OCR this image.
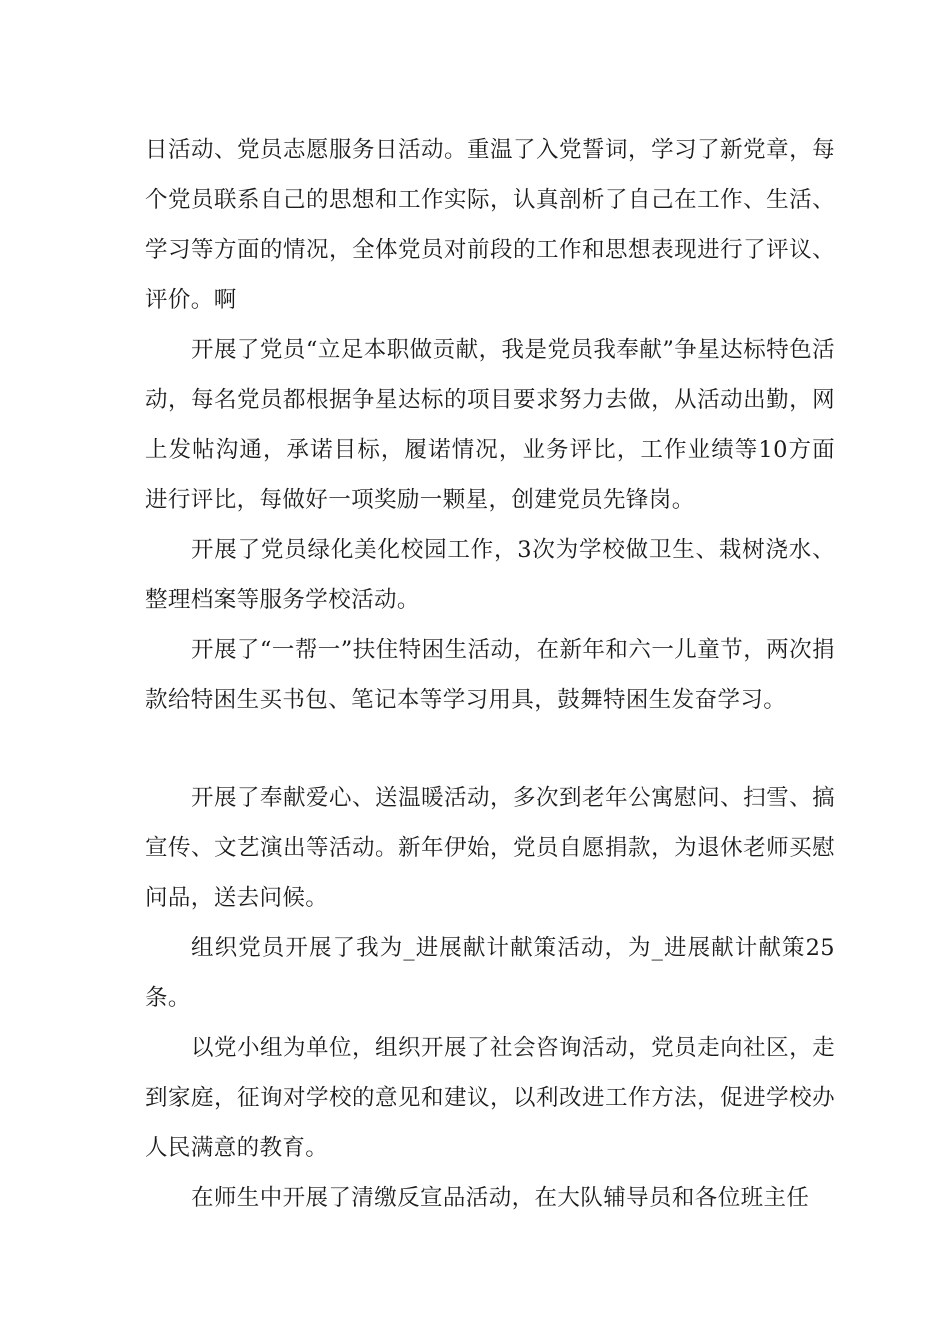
日活动、党员志愿服务日活动。重温了入党誓词，学习了新党章，每个党员联系自己的思想和工作实际，认真剖析了自己在工作、生活、学习等方面的情况，全体党员对前段的工作和思想表现进行了评议、评价。啊

开展了党员“立足本职做贡献，我是党员我奉献”争星达标特色活动，每名党员都根据争星达标的项目要求努力去做，从活动出勤，网上发帖沟通，承诺目标，履诺情况，业务评比，工作业绩等10方面进行评比，每做好一项奖励一颗星，创建党员先锋岗。

开展了党员绿化美化校园工作，3次为学校做卫生、栽树浇水、整理档案等服务学校活动。

开展了“一帮一”扶住特困生活动，在新年和六一儿童节，两次捐款给特困生买书包、笔记本等学习用具，鼓舞特困生发奋学习。

开展了奉献爱心、送温暖活动，多次到老年公寓慰问、扫雪、搞宣传、文艺演出等活动。新年伊始，党员自愿捐款，为退休老师买慰问品，送去问候。

组织党员开展了我为_进展献计献策活动，为_进展献计献策25条。

以党小组为单位，组织开展了社会咨询活动，党员走向社区，走到家庭，征询对学校的意见和建议，以利改进工作方法，促进学校办人民满意的教育。

在师生中开展了清缴反宣品活动，在大队辅导员和各位班主任
